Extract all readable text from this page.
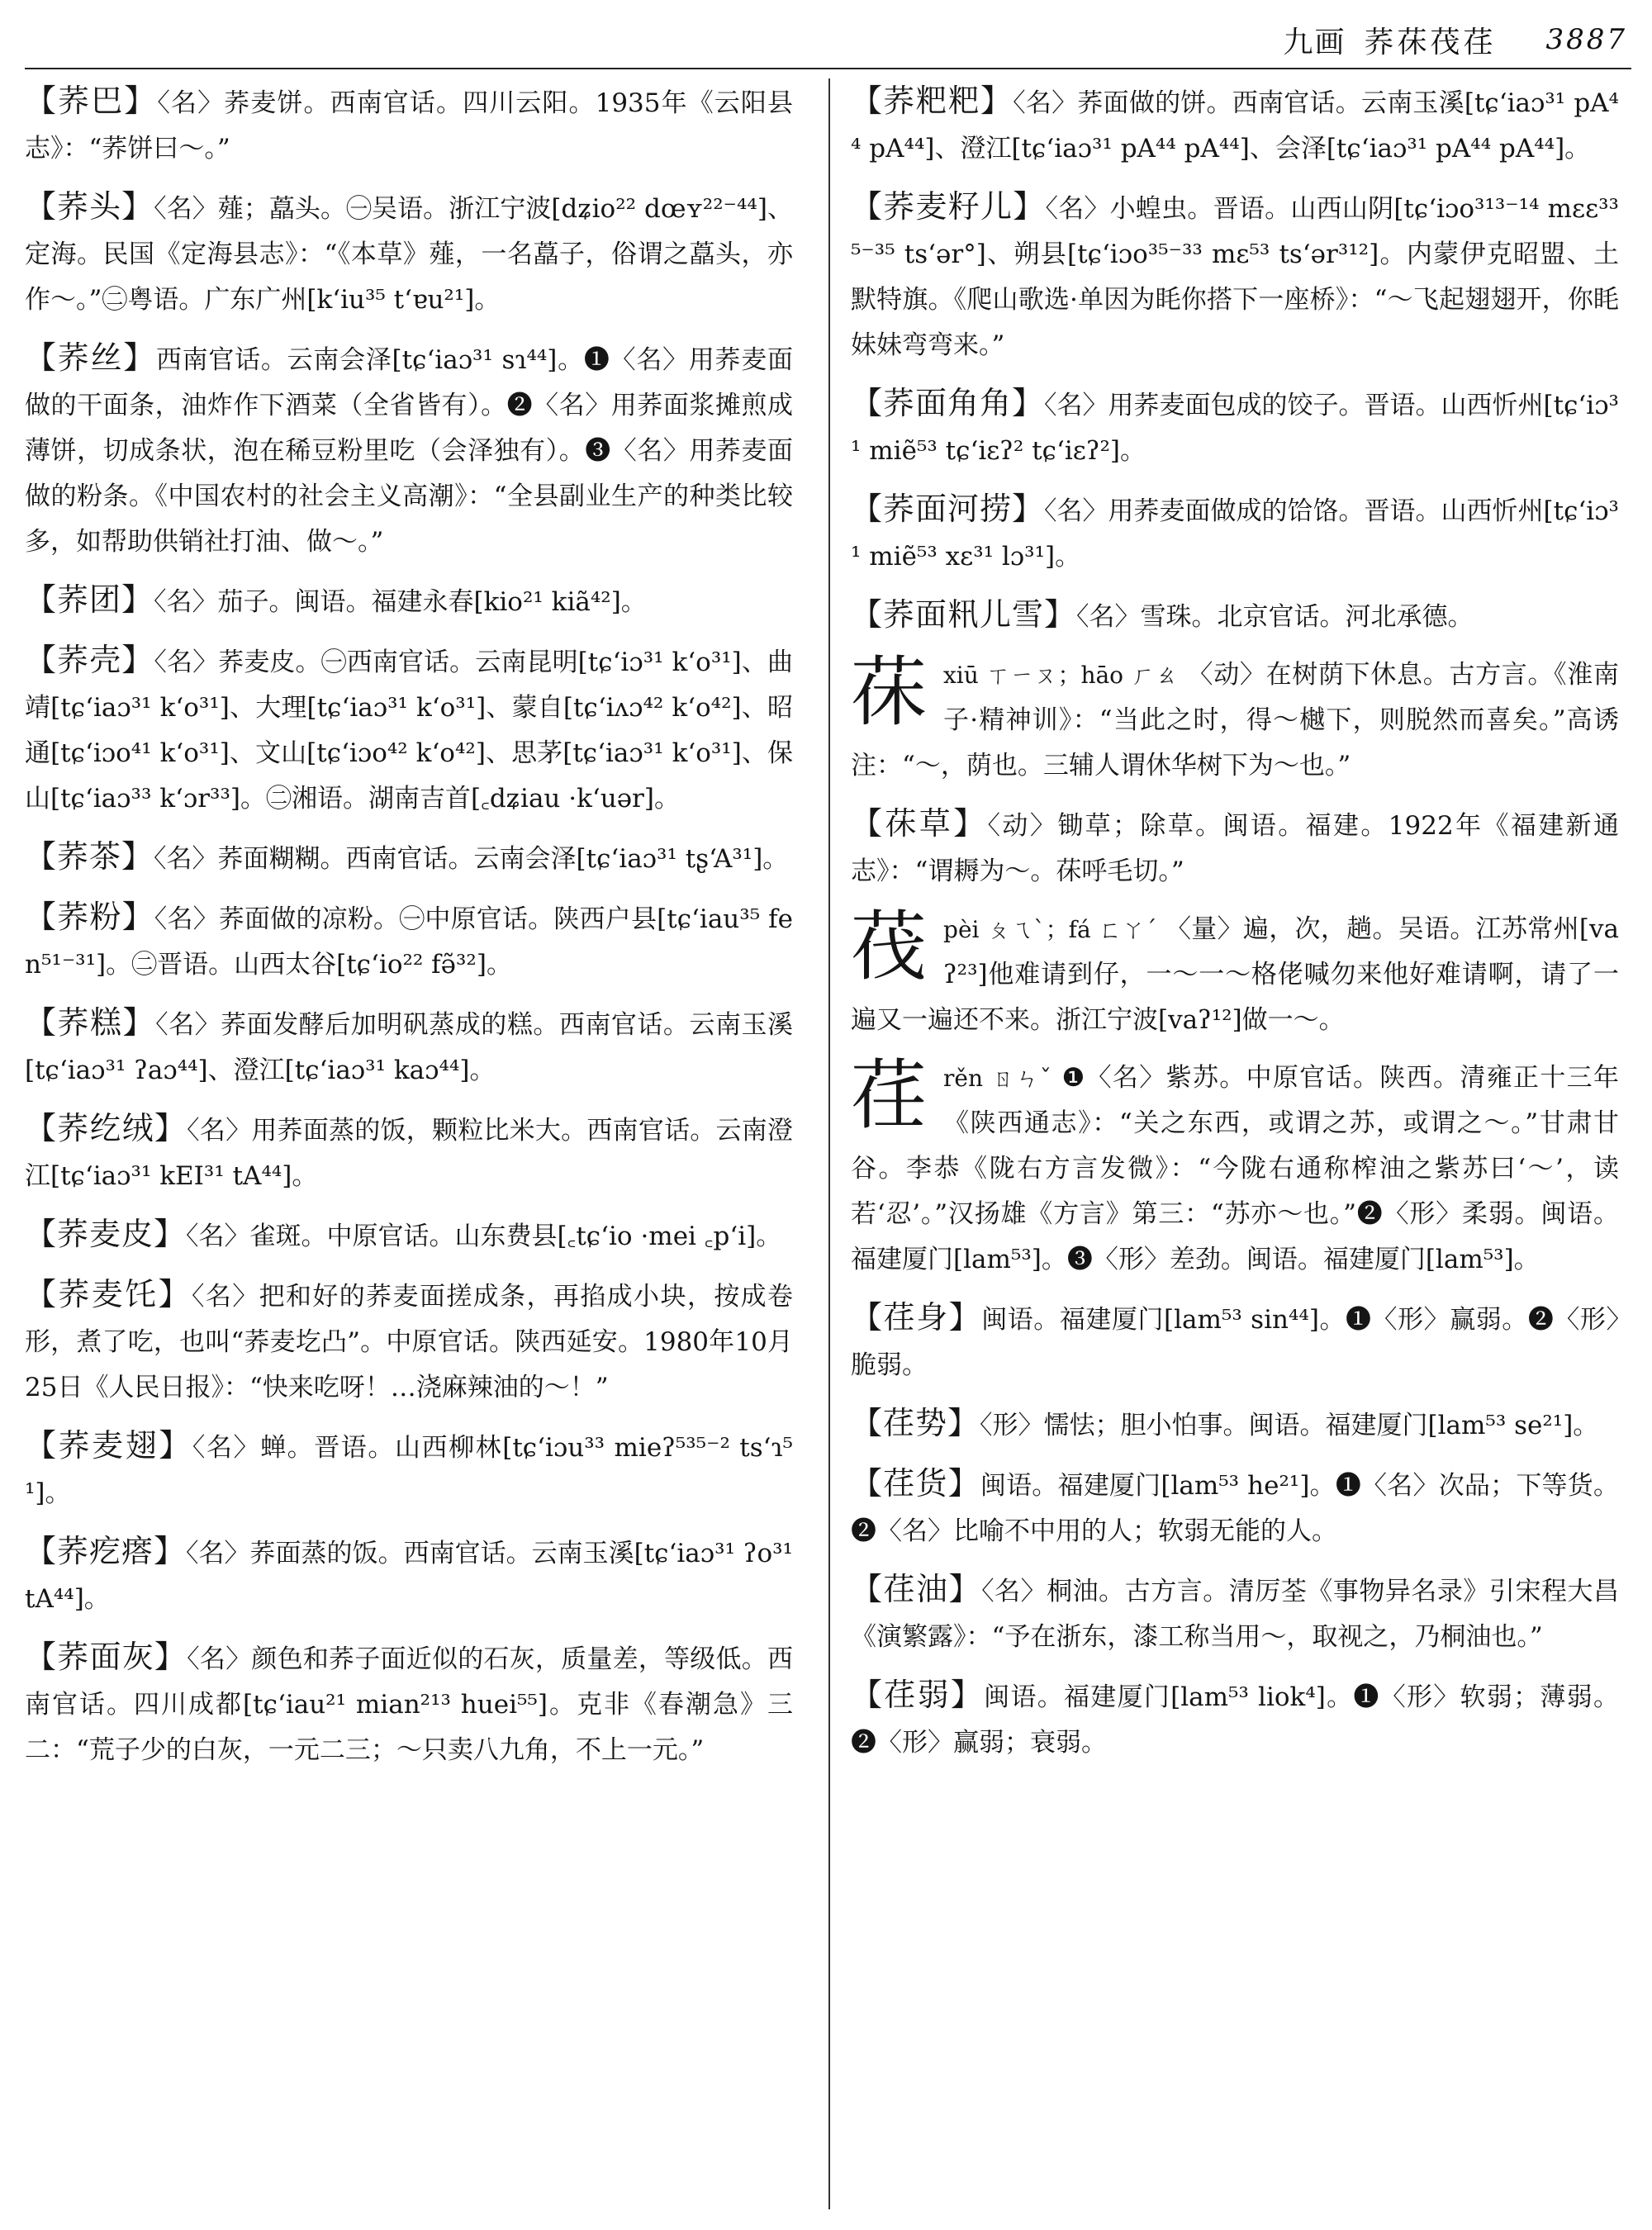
九画 荞茠茷荏 3887
【荞巴】〈名〉荞麦饼。西南官话。四川云阳。1935年《云阳县志》：“荞饼曰～。”
【荞头】〈名〉薤；藠头。㊀吴语。浙江宁波[dʑio²² dœʏ²²⁻⁴⁴]、定海。民国《定海县志》：“《本草》薤，一名藠子，俗谓之藠头，亦作～。”㊁粤语。广东广州[k‘iu³⁵ t‘ɐu²¹]。
【荞丝】西南官话。云南会泽[tɕ‘iaɔ³¹ sɿ⁴⁴]。❶〈名〉用荞麦面做的干面条，油炸作下酒菜（全省皆有）。❷〈名〉用荞面浆摊煎成薄饼，切成条状，泡在稀豆粉里吃（会泽独有）。❸〈名〉用荞麦面做的粉条。《中国农村的社会主义高潮》：“全县副业生产的种类比较多，如帮助供销社打油、做～。”
【荞团】〈名〉茄子。闽语。福建永春[kio²¹ kiã⁴²]。
【荞壳】〈名〉荞麦皮。㊀西南官话。云南昆明[tɕ‘iɔ³¹ k‘o³¹]、曲靖[tɕ‘iaɔ³¹ k‘o³¹]、大理[tɕ‘iaɔ³¹ k‘o³¹]、蒙自[tɕ‘iʌɔ⁴² k‘o⁴²]、昭通[tɕ‘iɔo⁴¹ k‘o³¹]、文山[tɕ‘iɔo⁴² k‘o⁴²]、思茅[tɕ‘iaɔ³¹ k‘o³¹]、保山[tɕ‘iaɔ³³ k‘ɔr³³]。㊁湘语。湖南吉首[꜀dʑiau ·k‘uər]。
【荞茶】〈名〉荞面糊糊。西南官话。云南会泽[tɕ‘iaɔ³¹ tʂ‘A³¹]。
【荞粉】〈名〉荞面做的凉粉。㊀中原官话。陕西户县[tɕ‘iau³⁵ fen⁵¹⁻³¹]。㊁晋语。山西太谷[tɕ‘io²² fə̃³²]。
【荞糕】〈名〉荞面发酵后加明矾蒸成的糕。西南官话。云南玉溪[tɕ‘iaɔ³¹ ʔaɔ⁴⁴]、澄江[tɕ‘iaɔ³¹ kaɔ⁴⁴]。
【荞纥绒】〈名〉用荞面蒸的饭，颗粒比米大。西南官话。云南澄江[tɕ‘iaɔ³¹ kEI³¹ tA⁴⁴]。
【荞麦皮】〈名〉雀斑。中原官话。山东费县[꜀tɕ‘io ·mei ꜀p‘i]。
【荞麦饦】〈名〉把和好的荞麦面搓成条，再掐成小块，按成卷形，煮了吃，也叫“荞麦圪凸”。中原官话。陕西延安。1980年10月25日《人民日报》：“快来吃呀！…浇麻辣油的～！”
【荞麦翅】〈名〉蝉。晋语。山西柳林[tɕ‘iɔu³³ mieʔ⁵³⁵⁻² ts‘ɿ⁵¹]。
【荞疙瘩】〈名〉荞面蒸的饭。西南官话。云南玉溪[tɕ‘iaɔ³¹ ʔo³¹ tA⁴⁴]。
【荞面灰】〈名〉颜色和荞子面近似的石灰，质量差，等级低。西南官话。四川成都[tɕ‘iau²¹ mian²¹³ huei⁵⁵]。克非《春潮急》三二：“荒子少的白灰，一元二三；～只卖八九角，不上一元。”
【荞粑粑】〈名〉荞面做的饼。西南官话。云南玉溪[tɕ‘iaɔ³¹ pA⁴⁴ pA⁴⁴]、澄江[tɕ‘iaɔ³¹ pA⁴⁴ pA⁴⁴]、会泽[tɕ‘iaɔ³¹ pA⁴⁴ pA⁴⁴]。
【荞麦籽儿】〈名〉小蝗虫。晋语。山西山阴[tɕ‘iɔo³¹³⁻¹⁴ mɛɛ³³⁵⁻³⁵ ts‘ər°]、朔县[tɕ‘iɔo³⁵⁻³³ mɛ⁵³ ts‘ər³¹²]。内蒙伊克昭盟、土默特旗。《爬山歌选·单因为眊你搭下一座桥》：“～飞起翅翅开，你眊妹妹弯弯来。”
【荞面角角】〈名〉用荞麦面包成的饺子。晋语。山西忻州[tɕ‘iɔ³¹ miẽ⁵³ tɕ‘iɛʔ² tɕ‘iɛʔ²]。
【荞面河捞】〈名〉用荞麦面做成的饸饹。晋语。山西忻州[tɕ‘iɔ³¹ miẽ⁵³ xɛ³¹ lɔ³¹]。
【荞面籸儿雪】〈名〉雪珠。北京官话。河北承德。
茠xiū ㄒㄧㄡ；hāo ㄏㄠ 〈动〉在树荫下休息。古方言。《淮南子·精神训》：“当此之时，得～樾下，则脱然而喜矣。”高诱注：“～，荫也。三辅人谓休华树下为～也。”
【茠草】〈动〉锄草；除草。闽语。福建。1922年《福建新通志》：“谓耨为～。茠呼毛切。”
茷pèi ㄆㄟˋ；fá ㄈㄚˊ 〈量〉遍，次，趟。吴语。江苏常州[vaʔ²³]他难请到仔，一～一～格佬喊勿来他好难请啊，请了一遍又一遍还不来。浙江宁波[vaʔ¹²]做一～。
荏rěn ㄖㄣˇ ❶〈名〉紫苏。中原官话。陕西。清雍正十三年《陕西通志》：“关之东西，或谓之苏，或谓之～。”甘肃甘谷。李恭《陇右方言发微》：“今陇右通称榨油之紫苏曰‘～’，读若‘忍’。”汉扬雄《方言》第三：“苏亦～也。”❷〈形〉柔弱。闽语。福建厦门[lam⁵³]。❸〈形〉差劲。闽语。福建厦门[lam⁵³]。
【荏身】闽语。福建厦门[lam⁵³ sin⁴⁴]。❶〈形〉赢弱。❷〈形〉脆弱。
【荏势】〈形〉懦怯；胆小怕事。闽语。福建厦门[lam⁵³ se²¹]。
【荏货】闽语。福建厦门[lam⁵³ he²¹]。❶〈名〉次品；下等货。❷〈名〉比喻不中用的人；软弱无能的人。
【荏油】〈名〉桐油。古方言。清厉荃《事物异名录》引宋程大昌《演繁露》：“予在浙东，漆工称当用～，取视之，乃桐油也。”
【荏弱】闽语。福建厦门[lam⁵³ liok⁴]。❶〈形〉软弱；薄弱。❷〈形〉赢弱；衰弱。
